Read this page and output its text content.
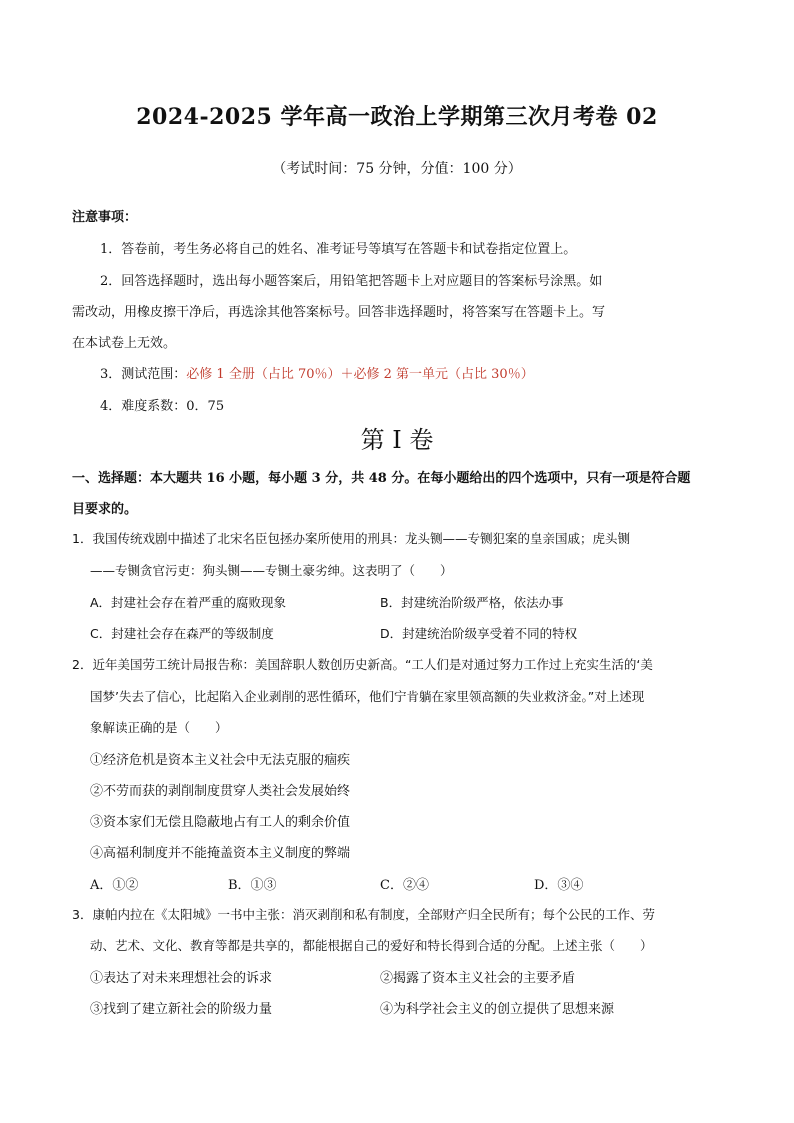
2024-2025 学年高一政治上学期第三次月考卷 02
（考试时间：75 分钟，分值：100 分）
注意事项：
1．答卷前，考生务必将自己的姓名、准考证号等填写在答题卡和试卷指定位置上。
2．回答选择题时，选出每小题答案后，用铅笔把答题卡上对应题目的答案标号涂黑。如
需改动，用橡皮擦干净后，再选涂其他答案标号。回答非选择题时，将答案写在答题卡上。写
在本试卷上无效。
3．测试范围：必修 1 全册（占比 70％）＋必修 2 第一单元（占比 30％）
4．难度系数：0．75
第 I 卷
一、选择题：本大题共 16 小题，每小题 3 分，共 48 分。在每小题给出的四个选项中，只有一项是符合题
目要求的。
1．我国传统戏剧中描述了北宋名臣包拯办案所使用的刑具：龙头铡——专铡犯案的皇亲国戚；虎头铡
——专铡贪官污吏：狗头铡——专铡土豪劣绅。这表明了（　　）
A．封建社会存在着严重的腐败现象	B．封建统治阶级严格，依法办事
C．封建社会存在森严的等级制度	D．封建统治阶级享受着不同的特权
2．近年美国劳工统计局报告称：美国辞职人数创历史新高。“工人们是对通过努力工作过上充实生活的‘美
国梦’失去了信心，比起陷入企业剥削的恶性循环，他们宁肯躺在家里领高额的失业救济金。”对上述现
象解读正确的是（　　）
①经济危机是资本主义社会中无法克服的痼疾
②不劳而获的剥削制度贯穿人类社会发展始终
③资本家们无偿且隐蔽地占有工人的剩余价值
④高福利制度并不能掩盖资本主义制度的弊端
A．①②	B．①③	C．②④	D．③④
3．康帕内拉在《太阳城》一书中主张：消灭剥削和私有制度，全部财产归全民所有；每个公民的工作、劳
动、艺术、文化、教育等都是共享的，都能根据自己的爱好和特长得到合适的分配。上述主张（　　）
①表达了对未来理想社会的诉求	②揭露了资本主义社会的主要矛盾
③找到了建立新社会的阶级力量	④为科学社会主义的创立提供了思想来源
